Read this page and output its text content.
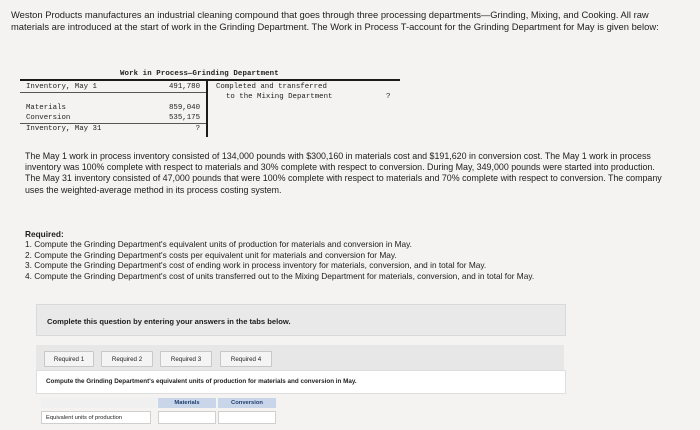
Weston Products manufactures an industrial cleaning compound that goes through three processing departments—Grinding, Mixing, and Cooking. All raw materials are introduced at the start of work in the Grinding Department. The Work in Process T-account for the Grinding Department for May is given below:
Work in Process—Grinding Department
Inventory, May 1	491,780 Completed and transferred
to the Mixing Department	?
Materials	859,040
Conversion	535,175
Inventory, May 31	?
The May 1 work in process inventory consisted of 134,000 pounds with $300,160 in materials cost and $191,620 in conversion cost. The May 1 work in process inventory was 100% complete with respect to materials and 30% complete with respect to conversion. During May, 349,000 pounds were started into production. The May 31 inventory consisted of 47,000 pounds that were 100% complete with respect to materials and 70% complete with respect to conversion. The company uses the weighted-average method in its process costing system.
Required:
1. Compute the Grinding Department's equivalent units of production for materials and conversion in May.
2. Compute the Grinding Department's costs per equivalent unit for materials and conversion for May.
3. Compute the Grinding Department's cost of ending work in process inventory for materials, conversion, and in total for May.
4. Compute the Grinding Department's cost of units transferred out to the Mixing Department for materials, conversion, and in total for May.
Complete this question by entering your answers in the tabs below.
Required 1	Required 2	Required 3	Required 4
Compute the Grinding Department's equivalent units of production for materials and conversion in May.
Materials	Conversion
Equivalent units of production
